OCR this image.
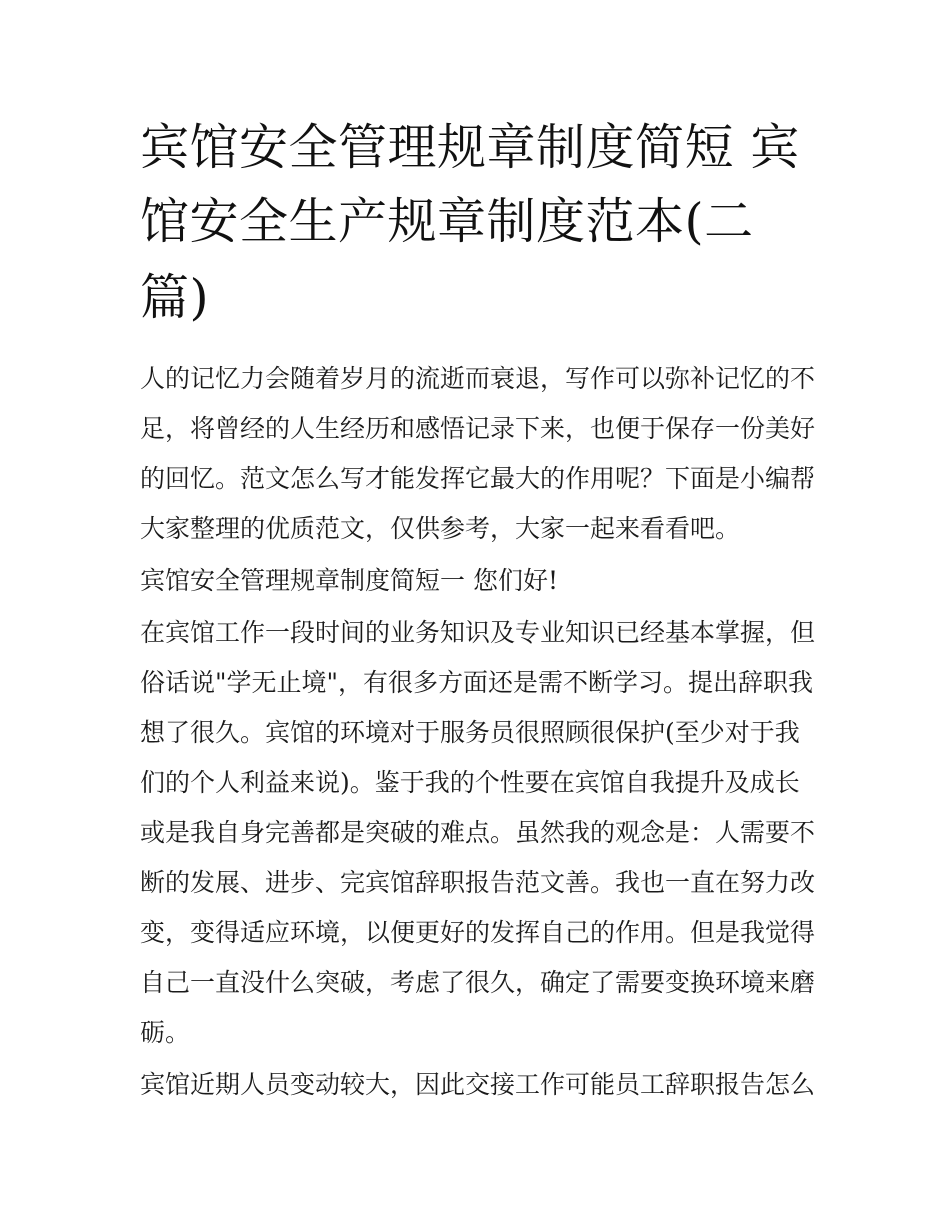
宾馆安全管理规章制度简短 宾
馆安全生产规章制度范本(二
篇)
人的记忆力会随着岁月的流逝而衰退，写作可以弥补记忆的不
足，将曾经的人生经历和感悟记录下来，也便于保存一份美好
的回忆。范文怎么写才能发挥它最大的作用呢？下面是小编帮
大家整理的优质范文，仅供参考，大家一起来看看吧。
宾馆安全管理规章制度简短一 您们好!
在宾馆工作一段时间的业务知识及专业知识已经基本掌握，但
俗话说"学无止境"，有很多方面还是需不断学习。提出辞职我
想了很久。宾馆的环境对于服务员很照顾很保护(至少对于我
们的个人利益来说)。鉴于我的个性要在宾馆自我提升及成长
或是我自身完善都是突破的难点。虽然我的观念是：人需要不
断的发展、进步、完宾馆辞职报告范文善。我也一直在努力改
变，变得适应环境，以便更好的发挥自己的作用。但是我觉得
自己一直没什么突破，考虑了很久，确定了需要变换环境来磨
砺。
宾馆近期人员变动较大，因此交接工作可能员工辞职报告怎么
